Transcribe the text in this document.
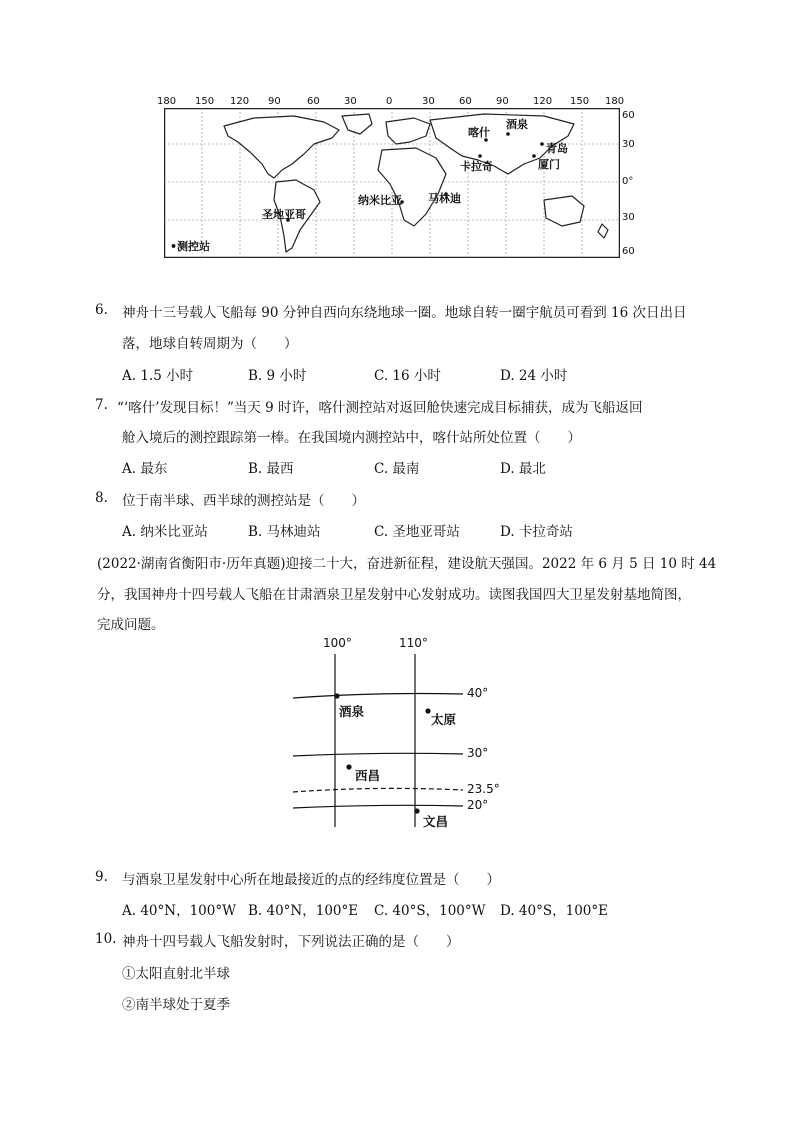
180 150 120 90	60 30	0	30 60 90 120 150 180
60
30
0°
30
60
喀什
酒泉
卡拉奇
青岛
厦门
纳米比亚 马林迪
圣地亚哥
•测控站
6. 神舟十三号载人飞船每 90 分钟自西向东绕地球一圈。地球自转一圈宇航员可看到 16 次日出日
落，地球自转周期为（　　）
A. 1.5 小时	B. 9 小时	C. 16 小时	D. 24 小时
7. “‘喀什’发现目标！”当天 9 时许，喀什测控站对返回舱快速完成目标捕获，成为飞船返回
舱入境后的测控跟踪第一棒。在我国境内测控站中，喀什站所处位置（　　）
A. 最东	B. 最西	C. 最南	D. 最北
8. 位于南半球、西半球的测控站是（　　）
A. 纳米比亚站	B. 马林迪站	C. 圣地亚哥站	D. 卡拉奇站
(2022·湖南省衡阳市·历年真题)迎接二十大，奋进新征程，建设航天强国。2022 年 6 月 5 日 10 时 44
分，我国神舟十四号载人飞船在甘肃酒泉卫星发射中心发射成功。读图我国四大卫星发射基地简图，
完成问题。
100°	110°
40°
30°
23.5°
20°
酒泉
太原
西昌
文昌
9. 与酒泉卫星发射中心所在地最接近的点的经纬度位置是（　　）
A. 40°N，100°W B. 40°N，100°E C. 40°S，100°W D. 40°S，100°E
10. 神舟十四号载人飞船发射时，下列说法正确的是（　　）
①太阳直射北半球
②南半球处于夏季
